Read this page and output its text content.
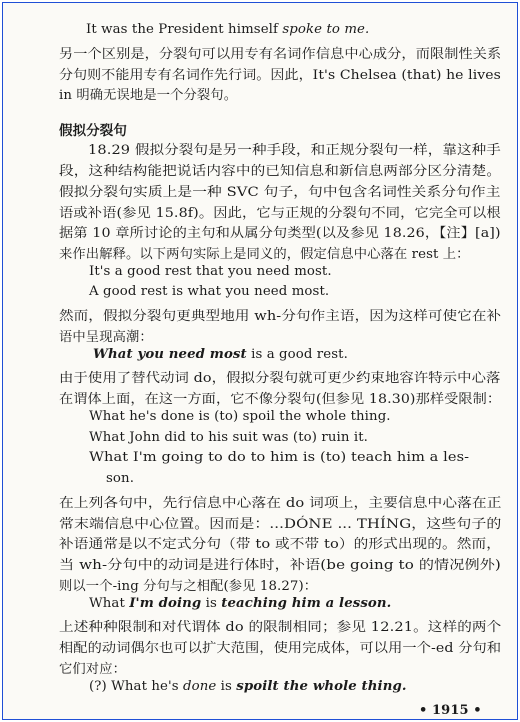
It was the President himself spoke to me.
另一个区别是，分裂句可以用专有名词作信息中心成分，而限制性关系
分句则不能用专有名词作先行词。因此，It's Chelsea (that) he lives
in 明确无误地是一个分裂句。
假拟分裂句
18.29 假拟分裂句是另一种手段，和正规分裂句一样，靠这种手
段，这种结构能把说话内容中的已知信息和新信息两部分区分清楚。
假拟分裂句实质上是一种 SVC 句子，句中包含名词性关系分句作主
语或补语(参见 15.8f)。因此，它与正规的分裂句不同，它完全可以根
据第 10 章所讨论的主句和从属分句类型(以及参见 18.26，【注】[a])
来作出解释。以下两句实际上是同义的，假定信息中心落在 rest 上：
It's a good rest that you need most.
A good rest is what you need most.
然而，假拟分裂句更典型地用 wh-分句作主语，因为这样可使它在补
语中呈现高潮：
What you need most is a good rest.
由于使用了替代动词 do，假拟分裂句就可更少约束地容许特示中心落
在谓体上面，在这一方面，它不像分裂句(但参见 18.30)那样受限制：
What he's done is (to) spoil the whole thing.
What John did to his suit was (to) ruin it.
What I'm going to do to him is (to) teach him a les-
son.
在上列各句中，先行信息中心落在 do 词项上，主要信息中心落在正
常末端信息中心位置。因而是：...DÓNE ... THÍNG，这些句子的
补语通常是以不定式分句（带 to 或不带 to）的形式出现的。然而，
当 wh-分句中的动词是进行体时，补语(be going to 的情况例外)
则以一个-ing 分句与之相配(参见 18.27)：
What I'm doing is teaching him a lesson.
上述种种限制和对代谓体 do 的限制相同；参见 12.21。这样的两个
相配的动词偶尔也可以扩大范围，使用完成体，可以用一个-ed 分句和
它们对应：
(?) What he's done is spoilt the whole thing.
• 1915 •
